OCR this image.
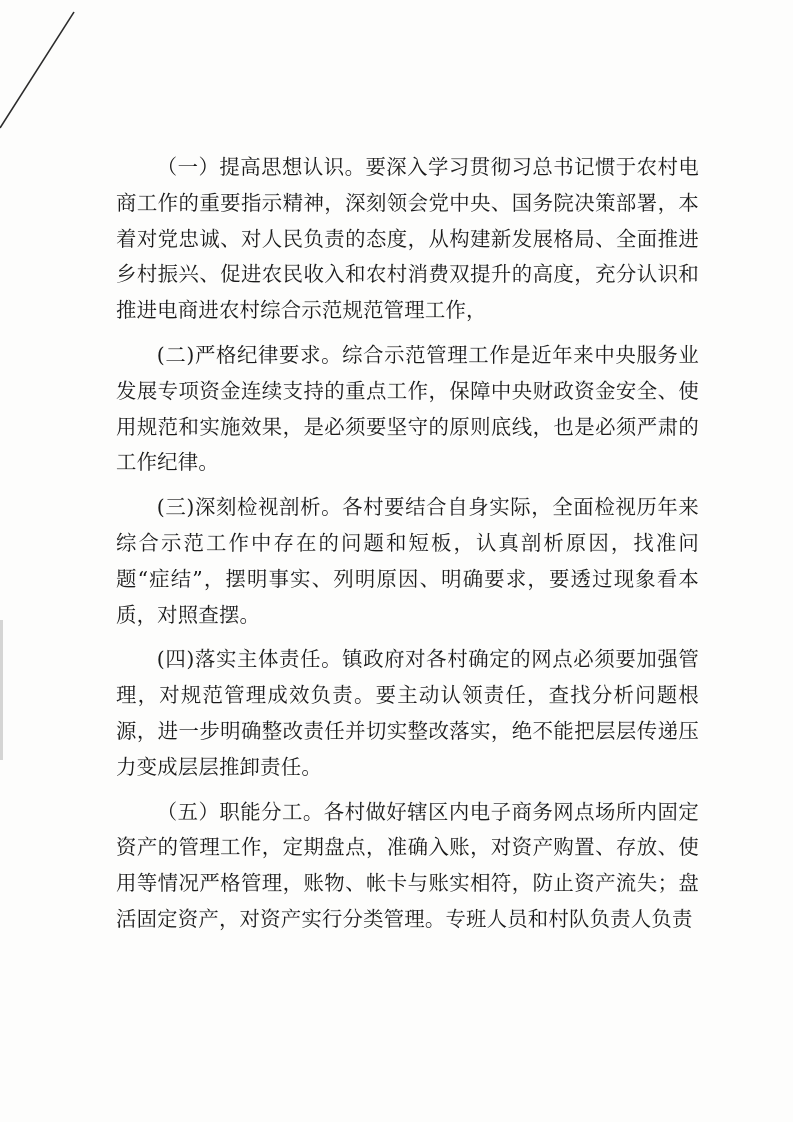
（一）提高思想认识。要深入学习贯彻习总书记惯于农村电商工作的重要指示精神，深刻领会党中央、国务院决策部署，本着对党忠诚、对人民负责的态度，从构建新发展格局、全面推进乡村振兴、促进农民收入和农村消费双提升的高度，充分认识和推进电商进农村综合示范规范管理工作，

(二)严格纪律要求。综合示范管理工作是近年来中央服务业发展专项资金连续支持的重点工作，保障中央财政资金安全、使用规范和实施效果，是必须要坚守的原则底线，也是必须严肃的工作纪律。

(三)深刻检视剖析。各村要结合自身实际，全面检视历年来综合示范工作中存在的问题和短板，认真剖析原因，找准问题“症结”，摆明事实、列明原因、明确要求，要透过现象看本质，对照查摆。

(四)落实主体责任。镇政府对各村确定的网点必须要加强管理，对规范管理成效负责。要主动认领责任，查找分析问题根源，进一步明确整改责任并切实整改落实，绝不能把层层传递压力变成层层推卸责任。

（五）职能分工。各村做好辖区内电子商务网点场所内固定资产的管理工作，定期盘点，准确入账，对资产购置、存放、使用等情况严格管理，账物、帐卡与账实相符，防止资产流失；盘活固定资产，对资产实行分类管理。专班人员和村队负责人负责
